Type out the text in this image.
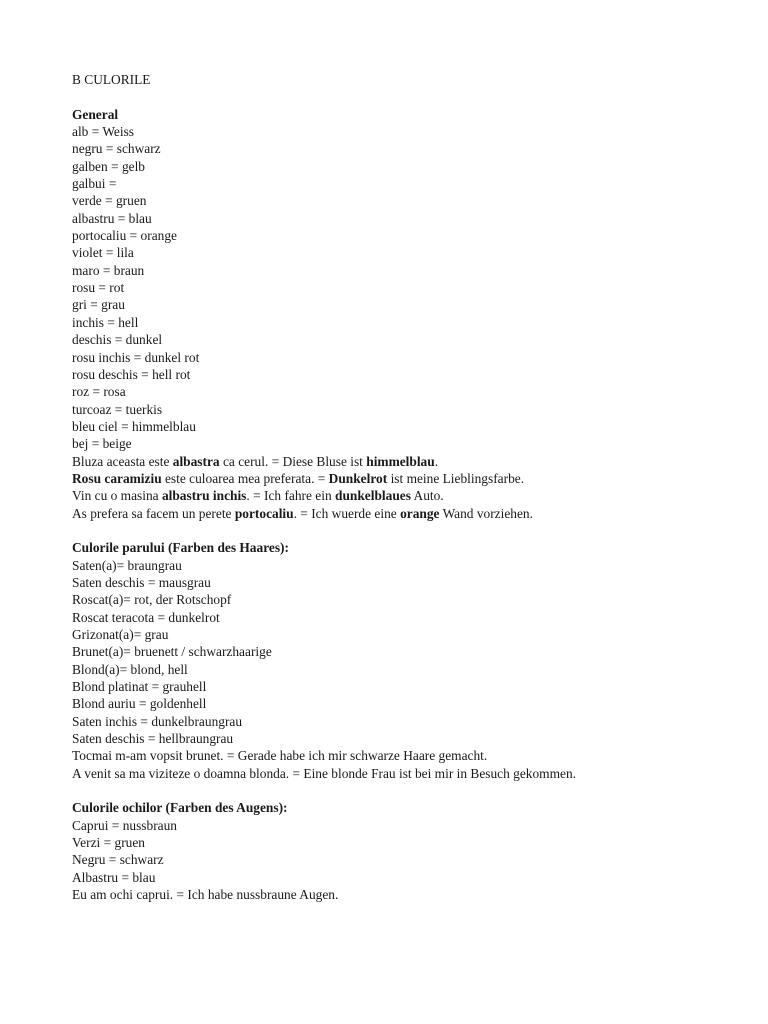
B CULORILE
General
alb = Weiss
negru = schwarz
galben = gelb
galbui =
verde = gruen
albastru = blau
portocaliu = orange
violet = lila
maro = braun
rosu = rot
gri = grau
inchis = hell
deschis = dunkel
rosu inchis = dunkel rot
rosu deschis = hell rot
roz = rosa
turcoaz = tuerkis
bleu ciel = himmelblau
bej = beige
Bluza aceasta este albastra ca cerul. = Diese Bluse ist himmelblau.
Rosu caramiziu este culoarea mea preferata. = Dunkelrot ist meine Lieblingsfarbe.
Vin cu o masina albastru inchis. = Ich fahre ein dunkelblaues Auto.
As prefera sa facem un perete portocaliu. = Ich wuerde eine orange Wand vorziehen.
Culorile parului (Farben des Haares):
Saten(a)= braungrau
Saten deschis = mausgrau
Roscat(a)= rot, der Rotschopf
Roscat teracota = dunkelrot
Grizonat(a)= grau
Brunet(a)= bruenett / schwarzhaarige
Blond(a)= blond, hell
Blond platinat = grauhell
Blond auriu = goldenhell
Saten inchis = dunkelbraungrau
Saten deschis = hellbraungrau
Tocmai m-am vopsit brunet. = Gerade habe ich mir schwarze Haare gemacht.
A venit sa ma viziteze o doamna blonda. = Eine blonde Frau ist bei mir in Besuch gekommen.
Culorile ochilor (Farben des Augens):
Caprui = nussbraun
Verzi = gruen
Negru = schwarz
Albastru = blau
Eu am ochi caprui. = Ich habe nussbraune Augen.
